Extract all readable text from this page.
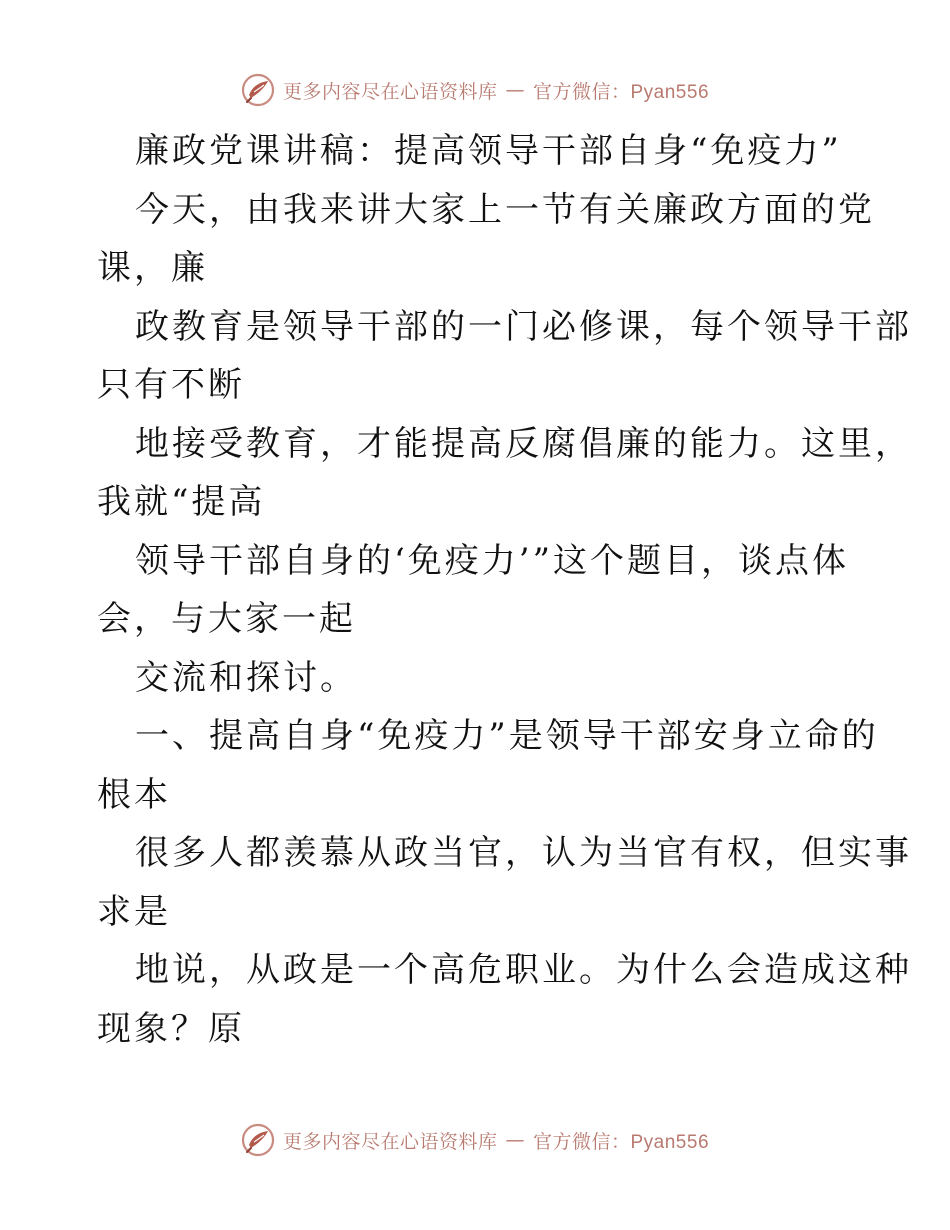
更多内容尽在心语资料库 — 官方微信：Pyan556
廉政党课讲稿：提高领导干部自身“免疫力”
今天，由我来讲大家上一节有关廉政方面的党
课，廉
政教育是领导干部的一门必修课，每个领导干部
只有不断
地接受教育，才能提高反腐倡廉的能力。这里，
我就“提高
领导干部自身的‘免疫力’”这个题目，谈点体
会，与大家一起
交流和探讨。
一、提高自身“免疫力”是领导干部安身立命的
根本
很多人都羡慕从政当官，认为当官有权，但实事
求是
地说，从政是一个高危职业。为什么会造成这种
现象？原
更多内容尽在心语资料库 — 官方微信：Pyan556
